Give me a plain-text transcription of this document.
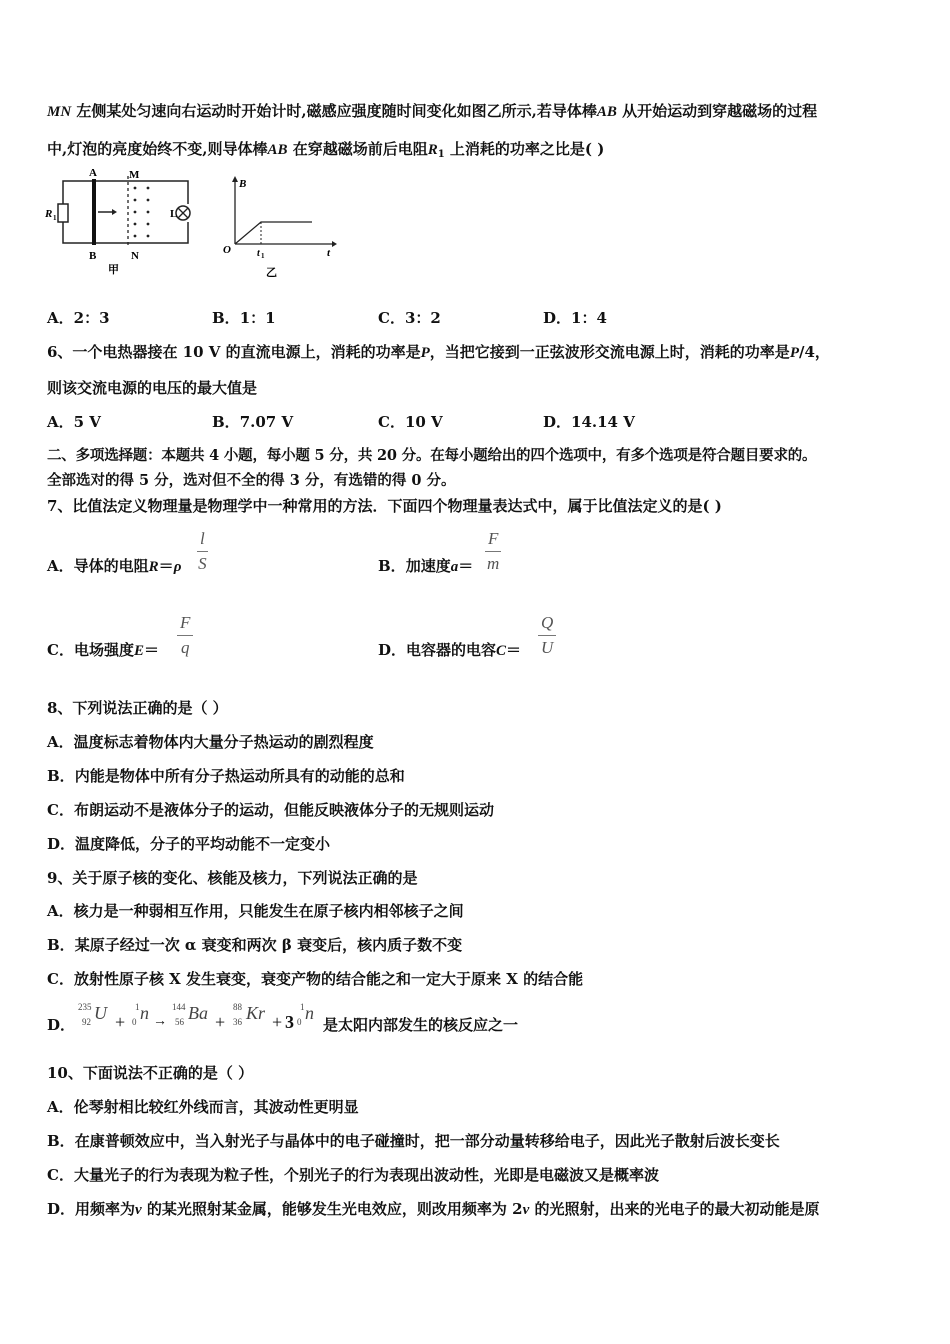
MN 左侧某处匀速向右运动时开始计时,磁感应强度随时间变化如图乙所示,若导体棒AB 从开始运动到穿越磁场的过程
中,灯泡的亮度始终不变,则导体棒AB 在穿越磁场前后电阻$R_1$ 上消耗的功率之比是( )
A	M
B	N
R 1	L
甲
B
O	t 1	t
乙
A．2：3	B．1：1	C．3：2	D．1：4
6、一个电热器接在 10 V 的直流电源上，消耗的功率是P，当把它接到一正弦波形交流电源上时，消耗的功率是P/4，
则该交流电源的电压的最大值是
A．5 V	B．7.07 V	C．10 V	D．14.14 V
二、多项选择题：本题共 4 小题，每小题 5 分，共 20 分。在每小题给出的四个选项中，有多个选项是符合题目要求的。
全部选对的得 5 分，选对但不全的得 3 分，有选错的得 0 分。
7、比值法定义物理量是物理学中一种常用的方法．下面四个物理量表达式中，属于比值法定义的是( )
A．导体的电阻$R=\rho \frac{l}{S}$	B．加速度$a= \frac{F}{m}$
C．电场强度$E= \frac{F}{q}$	D．电容器的电容$C= \frac{Q}{U}$
8、下列说法正确的是（ ）
A．温度标志着物体内大量分子热运动的剧烈程度
B．内能是物体中所有分子热运动所具有的动能的总和
C．布朗运动不是液体分子的运动，但能反映液体分子的无规则运动
D．温度降低，分子的平均动能不一定变小
9、关于原子核的变化、核能及核力，下列说法正确的是
A．核力是一种弱相互作用，只能发生在原子核内相邻核子之间
B．某原子经过一次 α 衰变和两次 β 衰变后，核内质子数不变
C．放射性原子核 X 发生衰变，衰变产物的结合能之和一定大于原来 X 的结合能
D．
235
92 U +
1
0 n →
144
56 Ba +
88
36 Kr + 3
1
0 n
是太阳内部发生的核反应之一
10、下面说法不正确的是（ ）
A．伦琴射相比较红外线而言，其波动性更明显
B．在康普顿效应中，当入射光子与晶体中的电子碰撞时，把一部分动量转移给电子，因此光子散射后波长变长
C．大量光子的行为表现为粒子性，个别光子的行为表现出波动性，光即是电磁波又是概率波
D．用频率为v 的某光照射某金属，能够发生光电效应，则改用频率为 2v 的光照射，出来的光电子的最大初动能是原
